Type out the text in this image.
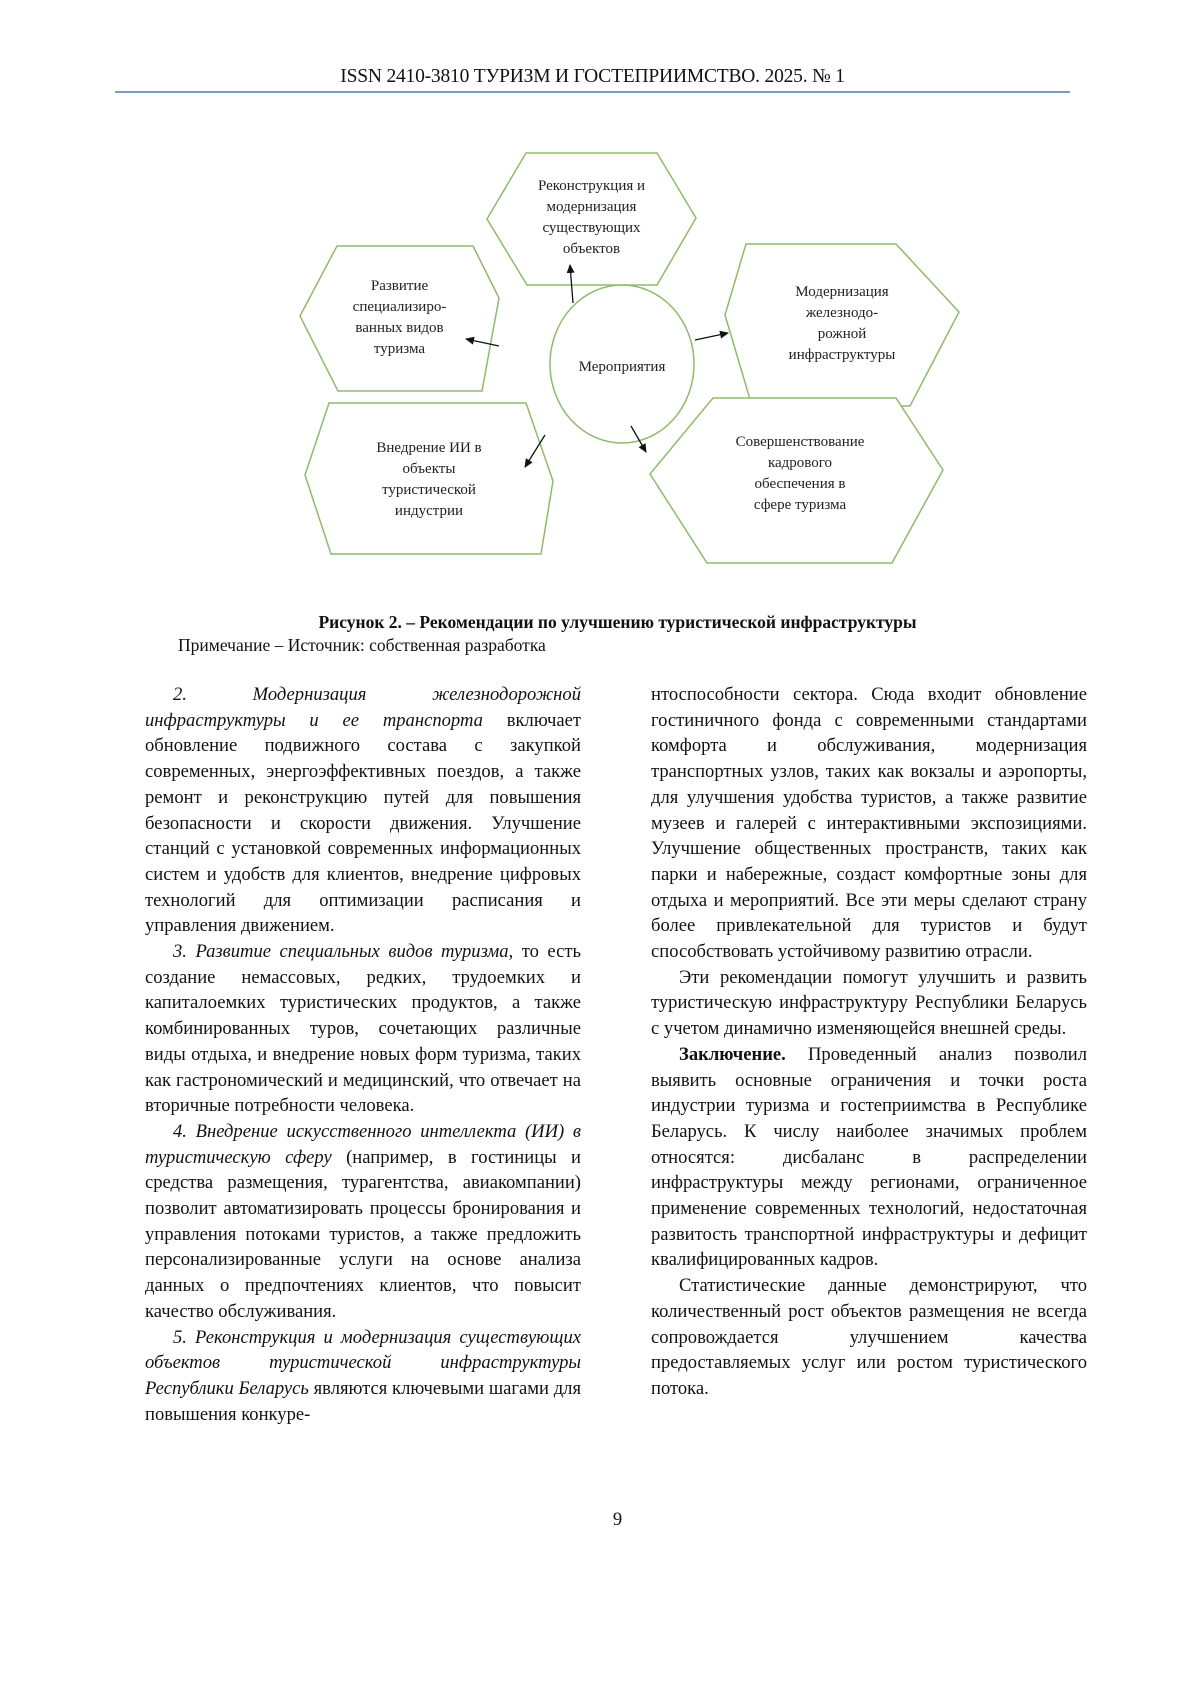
ISSN 2410-3810 ТУРИЗМ И ГОСТЕПРИИМСТВО. 2025. № 1
Реконструкция и
модернизация
существующих
объектов
Развитие
специализиро-
ванных видов
туризма
Модернизация
железнодо-
рожной
инфраструктуры
Мероприятия
Внедрение ИИ в
объекты
туристической
индустрии
Совершенствование
кадрового
обеспечения в
сфере туризма
Рисунок 2. – Рекомендации по улучшению туристической инфраструктуры
Примечание – Источник: собственная разработка

2. Модернизация железнодорожной инфраструктуры и ее транспорта включает обновление подвижного состава с закупкой современных, энергоэффективных поездов, а также ремонт и реконструкцию путей для повышения безопасности и скорости движения. Улучшение станций с установкой современных информационных систем и удобств для клиентов, внедрение цифровых технологий для оптимизации расписания и управления движением.

3. Развитие специальных видов туризма, то есть создание немассовых, редких, трудоемких и капиталоемких туристических продуктов, а также комбинированных туров, сочетающих различные виды отдыха, и внедрение новых форм туризма, таких как гастрономический и медицинский, что отвечает на вторичные потребности человека.

4. Внедрение искусственного интеллекта (ИИ) в туристическую сферу (например, в гостиницы и средства размещения, турагентства, авиакомпании) позволит автоматизировать процессы бронирования и управления потоками туристов, а также предложить персонализированные услуги на основе анализа данных о предпочтениях клиентов, что повысит качество обслуживания.

5. Реконструкция и модернизация существующих объектов туристической инфраструктуры Республики Беларусь являются ключевыми шагами для повышения конкуре-

нтоспособности сектора. Сюда входит обновление гостиничного фонда с современными стандартами комфорта и обслуживания, модернизация транспортных узлов, таких как вокзалы и аэропорты, для улучшения удобства туристов, а также развитие музеев и галерей с интерактивными экспозициями. Улучшение общественных пространств, таких как парки и набережные, создаст комфортные зоны для отдыха и мероприятий. Все эти меры сделают страну более привлекательной для туристов и будут способствовать устойчивому развитию отрасли.

Эти рекомендации помогут улучшить и развить туристическую инфраструктуру Республики Беларусь с учетом динамично изменяющейся внешней среды.

Заключение. Проведенный анализ позволил выявить основные ограничения и точки роста индустрии туризма и гостеприимства в Республике Беларусь. К числу наиболее значимых проблем относятся: дисбаланс в распределении инфраструктуры между регионами, ограниченное применение современных технологий, недостаточная развитость транспортной инфраструктуры и дефицит квалифицированных кадров.

Статистические данные демонстрируют, что количественный рост объектов размещения не всегда сопровождается улучшением качества предоставляемых услуг или ростом туристического потока.

9
